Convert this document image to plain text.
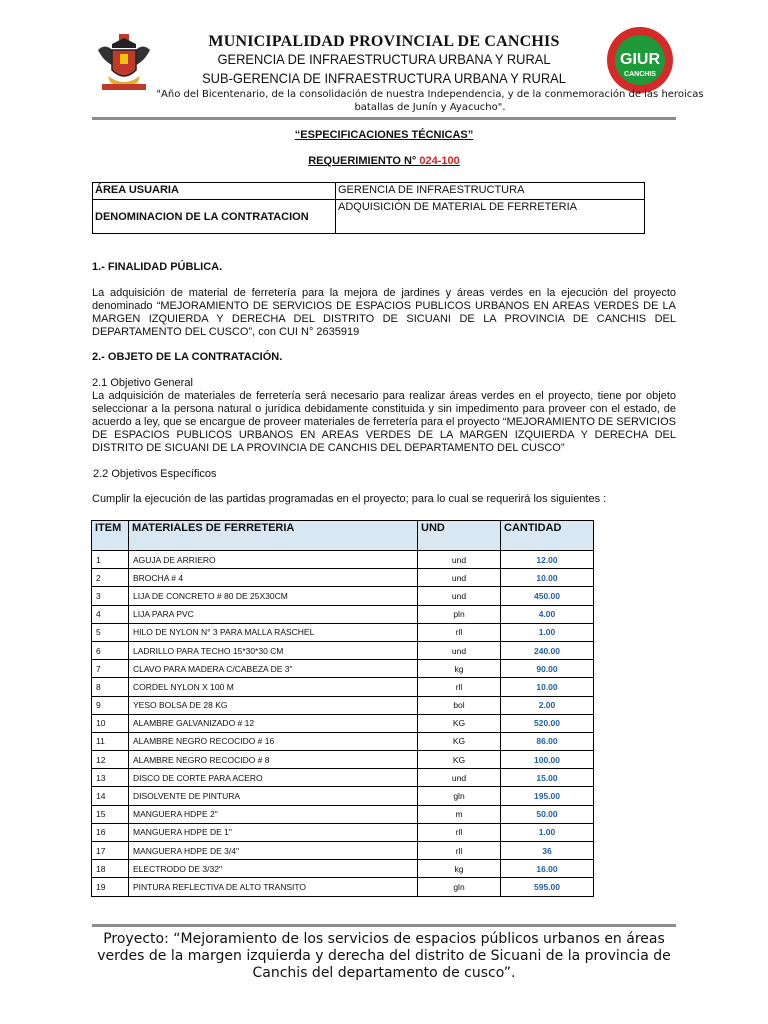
GIUR
CANCHIS
MUNICIPALIDAD PROVINCIAL DE CANCHIS
GERENCIA DE INFRAESTRUCTURA URBANA Y RURAL
SUB-GERENCIA DE INFRAESTRUCTURA URBANA Y RURAL
"Año del Bicentenario, de la consolidación de nuestra Independencia, y de la conmemoración de las heroicas batallas de Junín y Ayacucho".
“ESPECIFICACIONES TÉCNICAS”
REQUERIMIENTO N° 024-100
ÁREA USUARIA	GERENCIA DE INFRAESTRUCTURA
DENOMINACION DE LA CONTRATACION	ADQUISICIÓN DE MATERIAL DE FERRETERIA
1.- FINALIDAD PÚBLICA.
La adquisición de material de ferretería para la mejora de jardines y áreas verdes en la ejecución del proyecto denominado “MEJORAMIENTO DE SERVICIOS DE ESPACIOS PUBLICOS URBANOS EN AREAS VERDES DE LA MARGEN IZQUIERDA Y DERECHA DEL DISTRITO DE SICUANI DE LA PROVINCIA DE CANCHIS DEL DEPARTAMENTO DEL CUSCO”, con CUI N° 2635919
2.- OBJETO DE LA CONTRATACIÓN.
2.1 Objetivo General
La adquisición de materiales de ferretería será necesario para realizar áreas verdes en el proyecto, tiene por objeto seleccionar a la persona natural o jurídica debidamente constituida y sin impedimento para proveer con el estado, de acuerdo a ley, que se encargue de proveer materiales de ferretería para el proyecto “MEJORAMIENTO DE SERVICIOS DE ESPACIOS PUBLICOS URBANOS EN AREAS VERDES DE LA MARGEN IZQUIERDA Y DERECHA DEL DISTRITO DE SICUANI DE LA PROVINCIA DE CANCHIS DEL DEPARTAMENTO DEL CUSCO”
2.2 Objetivos Específicos
Cumplir la ejecución de las partidas programadas en el proyecto; para lo cual se requerirá los siguientes :
ITEM	MATERIALES DE FERRETERIA	UND	CANTIDAD
1	AGUJA DE ARRIERO	und	12.00
2	BROCHA # 4	und	10.00
3	LIJA DE CONCRETO # 80 DE 25X30CM	und	450.00
4	LIJA PARA PVC	pln	4.00
5	HILO DE NYLON N° 3 PARA MALLA RASCHEL	rll	1.00
6	LADRILLO PARA TECHO 15*30*30 CM	und	240.00
7	CLAVO PARA MADERA C/CABEZA DE 3"	kg	90.00
8	CORDEL NYLON X 100 M	rll	10.00
9	YESO BOLSA DE 28 KG	bol	2.00
10	ALAMBRE GALVANIZADO # 12	KG	520.00
11	ALAMBRE NEGRO RECOCIDO # 16	KG	86.00
12	ALAMBRE NEGRO RECOCIDO # 8	KG	100.00
13	DISCO DE CORTE PARA ACERO	und	15.00
14	DISOLVENTE DE PINTURA	gln	195.00
15	MANGUERA HDPE 2"	m	50.00
16	MANGUERA HDPE DE 1"	rll	1.00
17	MANGUERA HDPE DE 3/4"	rll	36
18	ELECTRODO DE 3/32"	kg	16.00
19	PINTURA REFLECTIVA DE ALTO TRANSITO	gln	595.00
Proyecto: “Mejoramiento de los servicios de espacios públicos urbanos en áreas verdes de la margen izquierda y derecha del distrito de Sicuani de la provincia de Canchis del departamento de cusco”.
